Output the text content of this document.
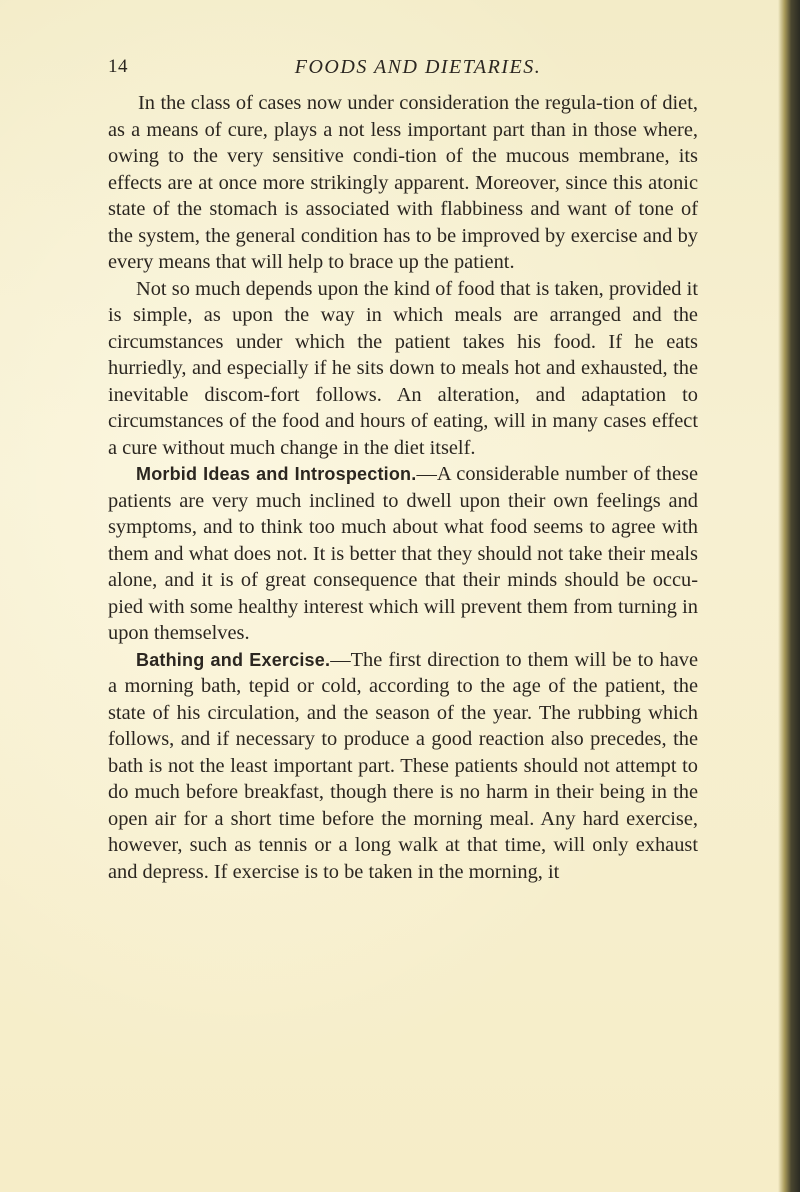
14	FOODS AND DIETARIES.

In the class of cases now under consideration the regula-tion of diet, as a means of cure, plays a not less important part than in those where, owing to the very sensitive condi-tion of the mucous membrane, its effects are at once more strikingly apparent. Moreover, since this atonic state of the stomach is associated with flabbiness and want of tone of the system, the general condition has to be improved by exercise and by every means that will help to brace up the patient.

Not so much depends upon the kind of food that is taken, provided it is simple, as upon the way in which meals are arranged and the circumstances under which the patient takes his food. If he eats hurriedly, and especially if he sits down to meals hot and exhausted, the inevitable discom-fort follows. An alteration, and adaptation to circumstances of the food and hours of eating, will in many cases effect a cure without much change in the diet itself.

Morbid Ideas and Introspection.—A considerable number of these patients are very much inclined to dwell upon their own feelings and symptoms, and to think too much about what food seems to agree with them and what does not. It is better that they should not take their meals alone, and it is of great consequence that their minds should be occu-pied with some healthy interest which will prevent them from turning in upon themselves.

Bathing and Exercise.—The first direction to them will be to have a morning bath, tepid or cold, according to the age of the patient, the state of his circulation, and the season of the year. The rubbing which follows, and if necessary to produce a good reaction also precedes, the bath is not the least important part. These patients should not attempt to do much before breakfast, though there is no harm in their being in the open air for a short time before the morning meal. Any hard exercise, however, such as tennis or a long walk at that time, will only exhaust and depress. If exercise is to be taken in the morning, it
